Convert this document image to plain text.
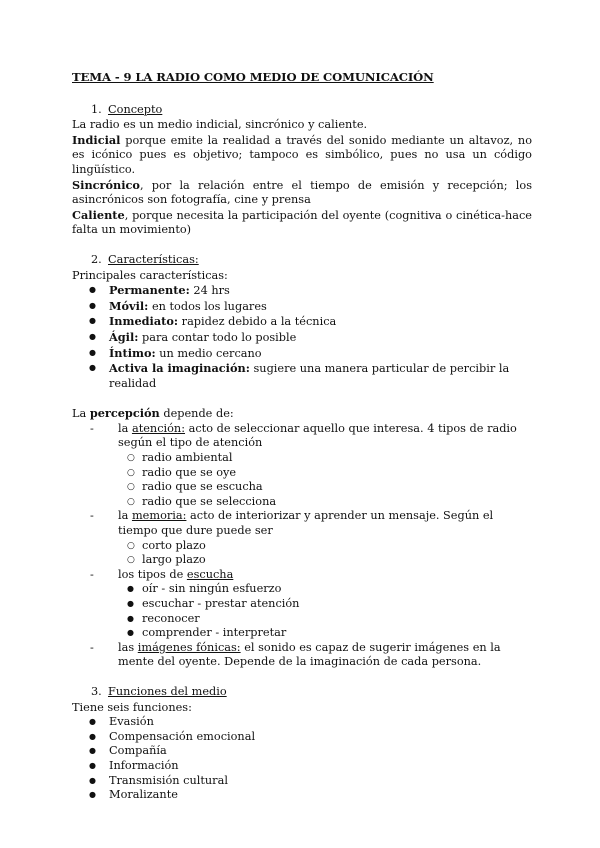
TEMA - 9 LA RADIO COMO MEDIO DE COMUNICACIÓN
1. Concepto

La radio es un medio indicial, sincrónico y caliente.

Indicial porque emite la realidad a través del sonido mediante un altavoz, no es icónico pues es objetivo; tampoco es simbólico, pues no usa un código lingüístico.

Sincrónico, por la relación entre el tiempo de emisión y recepción; los asincrónicos son fotografía, cine y prensa

Caliente, porque necesita la participación del oyente (cognitiva o cinética-hace falta un movimiento)

2. Características:

Principales características:

● Permanente: 24 hrs
● Móvil: en todos los lugares
● Inmediato: rapidez debido a la técnica
● Ágil: para contar todo lo posible
● Íntimo: un medio cercano
● Activa la imaginación: sugiere una manera particular de percibir la realidad

La percepción depende de:

- la atención: acto de seleccionar aquello que interesa. 4 tipos de radio según el tipo de atención
○ radio ambiental
○ radio que se oye
○ radio que se escucha
○ radio que se selecciona
- la memoria: acto de interiorizar y aprender un mensaje. Según el tiempo que dure puede ser
○ corto plazo
○ largo plazo
- los tipos de escucha
● oír - sin ningún esfuerzo
● escuchar - prestar atención
● reconocer
● comprender - interpretar
- las imágenes fónicas: el sonido es capaz de sugerir imágenes en la mente del oyente. Depende de la imaginación de cada persona.
3. Funciones del medio

Tiene seis funciones:

● Evasión
● Compensación emocional
● Compañía
● Información
● Transmisión cultural
● Moralizante
